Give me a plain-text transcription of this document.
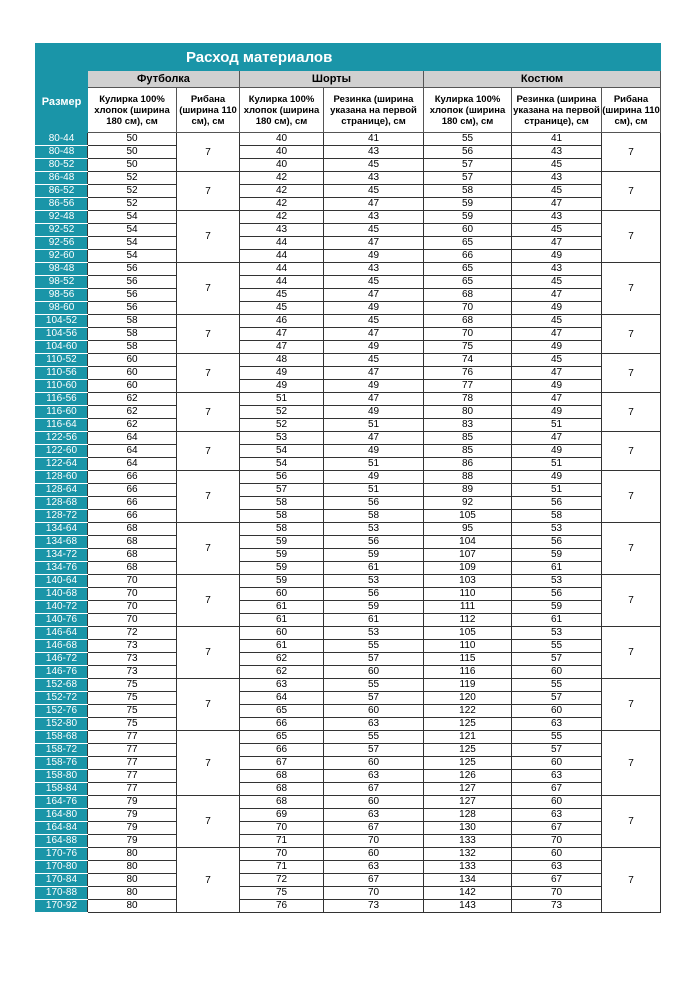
Расход материалов							
Размер	Футболка		Шорты		Костюм		
	Кулирка 100% хлопок (ширина 180 см), см	Рибана (ширина 110 см), см	Кулирка 100% хлопок (ширина 180 см), см	Резинка (ширина указана на первой странице), см	Кулирка 100% хлопок (ширина 180 см), см	Резинка (ширина указана на первой странице), см	Рибана (ширина 110 см), см
80-44	50	7	40	41	55	41	7
80-48	50		40	43	56	43	
80-52	50		40	45	57	45	
86-48	52	7	42	43	57	43	7
86-52	52		42	45	58	45	
86-56	52		42	47	59	47	
92-48	54	7	42	43	59	43	7
92-52	54		43	45	60	45	
92-56	54		44	47	65	47	
92-60	54		44	49	66	49	
98-48	56	7	44	43	65	43	7
98-52	56		44	45	65	45	
98-56	56		45	47	68	47	
98-60	56		45	49	70	49	
104-52	58	7	46	45	68	45	7
104-56	58		47	47	70	47	
104-60	58		47	49	75	49	
110-52	60	7	48	45	74	45	7
110-56	60		49	47	76	47	
110-60	60		49	49	77	49	
116-56	62	7	51	47	78	47	7
116-60	62		52	49	80	49	
116-64	62		52	51	83	51	
122-56	64	7	53	47	85	47	7
122-60	64		54	49	85	49	
122-64	64		54	51	86	51	
128-60	66	7	56	49	88	49	7
128-64	66		57	51	89	51	
128-68	66		58	56	92	56	
128-72	66		58	58	105	58	
134-64	68	7	58	53	95	53	7
134-68	68		59	56	104	56	
134-72	68		59	59	107	59	
134-76	68		59	61	109	61	
140-64	70	7	59	53	103	53	7
140-68	70		60	56	110	56	
140-72	70		61	59	111	59	
140-76	70		61	61	112	61	
146-64	72	7	60	53	105	53	7
146-68	73		61	55	110	55	
146-72	73		62	57	115	57	
146-76	73		62	60	116	60	
152-68	75	7	63	55	119	55	7
152-72	75		64	57	120	57	
152-76	75		65	60	122	60	
152-80	75		66	63	125	63	
158-68	77	7	65	55	121	55	7
158-72	77		66	57	125	57	
158-76	77		67	60	125	60	
158-80	77		68	63	126	63	
158-84	77		68	67	127	67	
164-76	79	7	68	60	127	60	7
164-80	79		69	63	128	63	
164-84	79		70	67	130	67	
164-88	79		71	70	133	70	
170-76	80	7	70	60	132	60	7
170-80	80		71	63	133	63	
170-84	80		72	67	134	67	
170-88	80		75	70	142	70	
170-92	80		76	73	143	73	
